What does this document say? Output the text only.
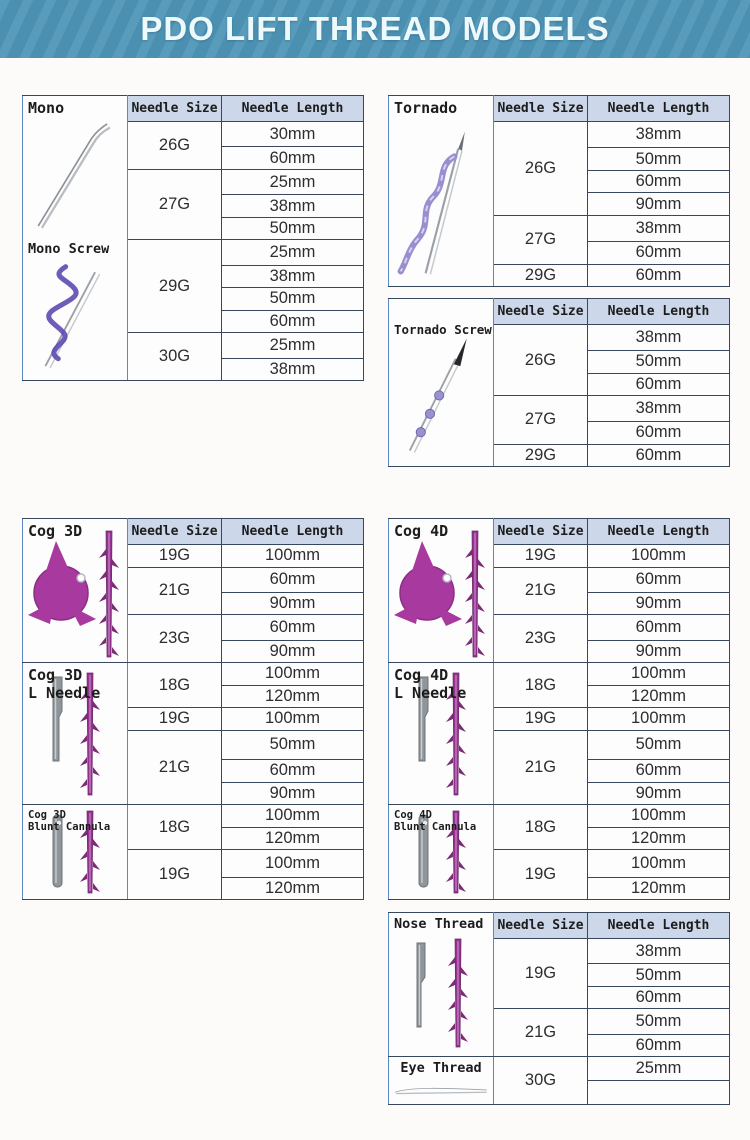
PDO LIFT THREAD MODELS
Mono
Mono Screw	Needle Size	Needle Length
	26G	30mm
		60mm
	27G	25mm
		38mm
		50mm
	29G	25mm
		38mm
		50mm
		60mm
	30G	25mm
		38mm
Tornado	Needle Size	Needle Length
	26G	38mm
		50mm
		60mm
		90mm
	27G	38mm
		60mm
	29G	60mm
Tornado Screw	Needle Size	Needle Length
	26G	38mm
		50mm
		60mm
	27G	38mm
		60mm
	29G	60mm
Cog 3D	Needle Size	Needle Length
	19G	100mm
	21G	60mm
		90mm
	23G	60mm
		90mm

Cog 3D
L Needle	18G	100mm
		120mm
	19G	100mm
	21G	50mm
		60mm
		90mm

Cog 3D
Blunt Cannula	18G	100mm
		120mm
	19G	100mm
		120mm
Cog 4D	Needle Size	Needle Length
	19G	100mm
	21G	60mm
		90mm
	23G	60mm
		90mm

Cog 4D
L Needle	18G	100mm
		120mm
	19G	100mm
	21G	50mm
		60mm
		90mm

Cog 4D
Blunt Cannula	18G	100mm
		120mm
	19G	100mm
		120mm
Nose Thread	Needle Size	Needle Length
	19G	38mm
		50mm
		60mm
	21G	50mm
		60mm

Eye Thread	30G	25mm
